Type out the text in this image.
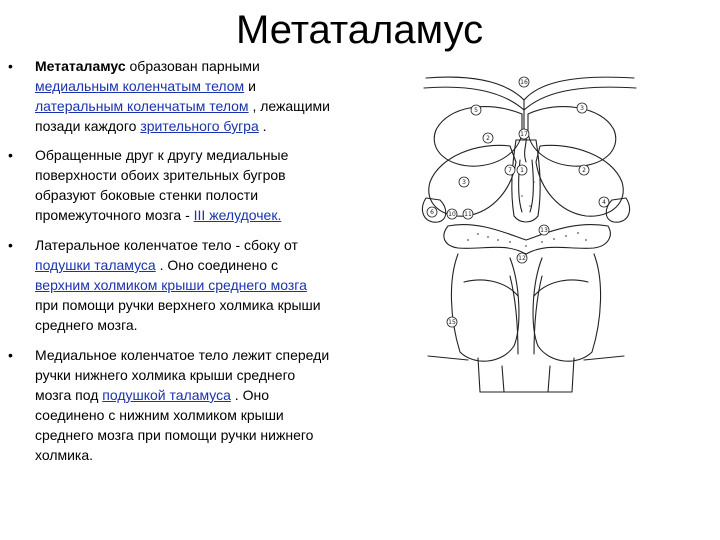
Метаталамус
• Метаталамус образован парными
медиальным коленчатым телом и
латеральным коленчатым телом , лежащими
позади каждого зрительного бугра .
• Обращенные друг к другу медиальные
поверхности обоих зрительных бугров
образуют боковые стенки полости
промежуточного мозга - III желудочек.
• Латеральное коленчатое тело - сбоку от
подушки таламуса . Оно соединено с
верхним холмиком крыши среднего мозга
при помощи ручки верхнего холмика крыши
среднего мозга.
• Медиальное коленчатое тело лежит спереди
ручки нижнего холмика крыши среднего
мозга под подушкой таламуса . Оно
соединено с нижним холмиком крыши
среднего мозга при помощи ручки нижнего
холмика.
16
5	3
2
17
2
7 1
3
4
6 10 11
13
12
15
